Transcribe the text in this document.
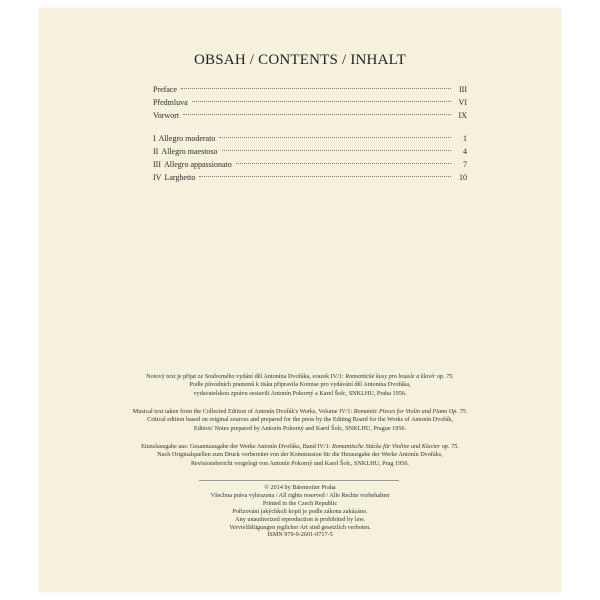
OBSAH / CONTENTS / INHALT
Preface	III
Předmluva	VI
Vorwort	IX
I Allegro moderato	1
II Allegro maestoso	4
III Allegro appassionato	7
IV Larghetto	10

Notový text je přijat ze Souborného vydání děl Antonína Dvořáka, svazek IV/1: Romantické kusy pro housle a klavír op. 75.

Podle původních pramenů k tisku připravila Komise pro vydávání děl Antonína Dvořáka,

vydavatelskou zprávu sestavili Antonín Pokorný a Karel Šolc, SNKLHU, Praha 1956.

Musical text taken from the Collected Edition of Antonín Dvořák's Works, Volume IV/1: Romantic Pieces for Violin and Piano Op. 75.

Critical edition based on original sources and prepared for the press by the Editing Board for the Works of Antonín Dvořák,

Editors' Notes prepared by Antonín Pokorný and Karel Šolc, SNKLHU, Prague 1956.

Einzelausgabe aus: Gesamtausgabe der Werke Antonín Dvořáks, Band IV/1: Romantische Stücke für Violine und Klavier op. 75.

Nach Originalquellen zum Druck vorbereitet von der Kommission für die Herausgabe der Werke Antonín Dvořáks,

Revisionsbericht vorgelegt von Antonín Pokorný und Karel Šolc, SNKLHU, Prag 1956.

© 2014 by Bärenreiter Praha

Všechna práva vyhrazena / All rights reserved / Alle Rechte vorbehalten

Printed in the Czech Republic

Pořizování jakýchkoli kopií je podle zákona zakázáno.

Any unauthorized reproduction is prohibited by law.

Vervielfältigungen jeglicher Art sind gesetzlich verboten.

ISMN 979-0-2601-0717-5
